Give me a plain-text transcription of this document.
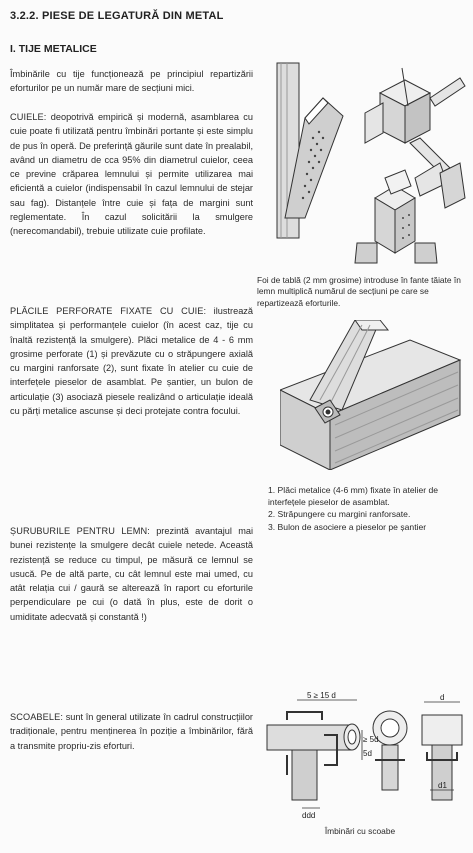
3.2.2. PIESE DE LEGATURĂ DIN METAL
I. TIJE METALICE
Îmbinările cu tije funcționează pe principiul repartizării eforturilor pe un număr mare de secțiuni mici.
CUIELE: deopotrivă empirică și modernă, asamblarea cu cuie poate fi utilizată pentru îmbinări portante și este simplu de pus în operă. De preferință găurile sunt date în prealabil, având un diametru de cca 95% din diametrul cuielor, ceea ce previne crăparea lemnului și permite utilizarea mai eficientă a cuielor (indispensabil în cazul lemnului de stejar sau fag). Distanțele între cuie și fața de margini sunt reglementate. În cazul solicitării la smulgere (nerecomandabil), trebuie utilizate cuie profilate.
Foi de tablă (2 mm grosime) introduse în fante tăiate în lemn multiplică numărul de secțiuni pe care se repartizează eforturile.
PLĂCILE PERFORATE FIXATE CU CUIE: ilustrează simplitatea și performanțele cuielor (în acest caz, tije cu înaltă rezistență la smulgere). Plăci metalice de 4 - 6 mm grosime perforate (1) și prevăzute cu o străpungere axială cu margini ranforsate (2), sunt fixate în atelier cu cuie de interfețele pieselor de asamblat. Pe șantier, un bulon de articulație (3) asociază piesele realizând o articulație ideală cu părți metalice ascunse și deci protejate contra focului.
1. Plăci metalice (4-6 mm) fixate în atelier de interfețele pieselor de asamblat.
2. Străpungere cu margini ranforsate.
3. Bulon de asociere a pieselor pe șantier
ȘURUBURILE PENTRU LEMN: prezintă avantajul mai bunei rezistențe la smulgere decât cuiele netede. Această rezistență se reduce cu timpul, pe măsură ce lemnul se usucă. Pe de altă parte, cu cât lemnul este mai umed, cu atât relația cui / gaură se alterează în raport cu eforturile perpendiculare pe cui (o dată în plus, este de dorit o umiditate adecvată și constantă !)
SCOABELE: sunt în general utilizate în cadrul construcțiilor tradiționale, pentru menținerea în poziție a îmbinărilor, fără a transmite propriu-zis eforturi.
5 ≥ 15 d
≥ 5d
5d
ddd
d
d1
Îmbinări cu scoabe
